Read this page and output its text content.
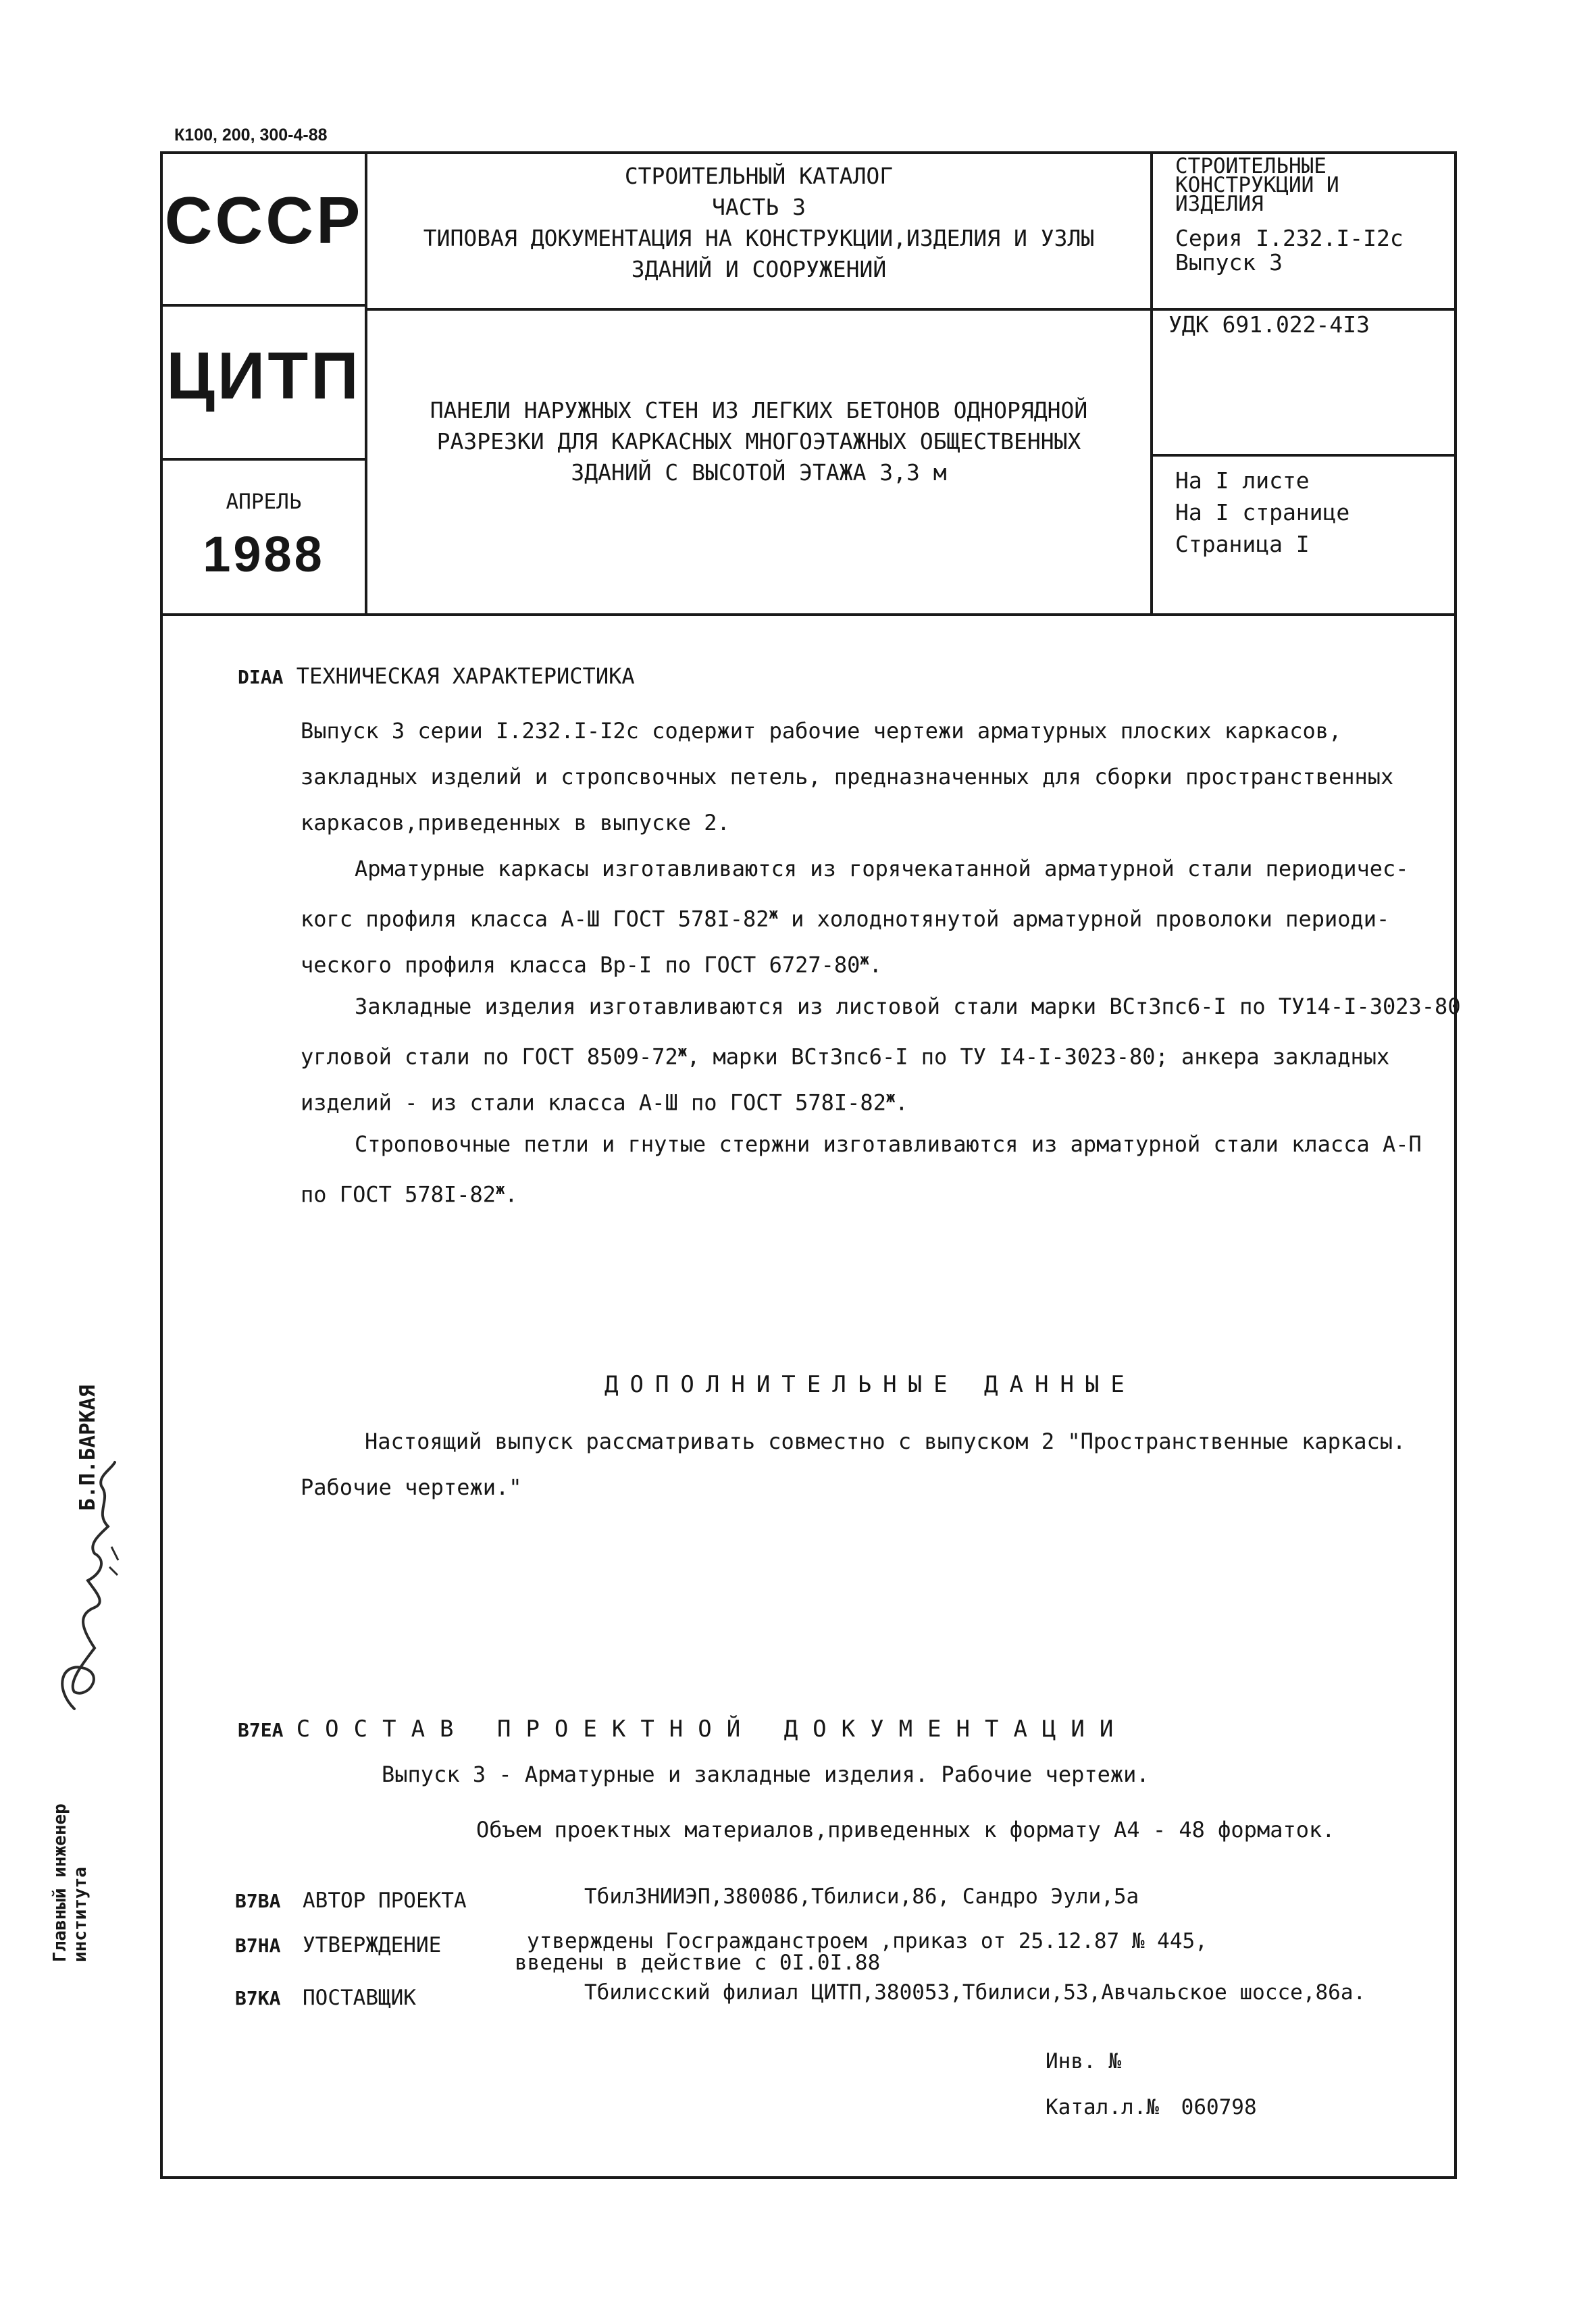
К100, 200, 300-4-88
СССР
ЦИТП
АПРЕЛЬ
1988
СТРОИТЕЛЬНЫЙ КАТАЛОГ
ЧАСТЬ 3
ТИПОВАЯ ДОКУМЕНТАЦИЯ НА КОНСТРУКЦИИ,ИЗДЕЛИЯ И УЗЛЫ
ЗДАНИЙ И СООРУЖЕНИЙ
ПАНЕЛИ НАРУЖНЫХ СТЕН ИЗ ЛЕГКИХ БЕТОНОВ ОДНОРЯДНОЙ
РАЗРЕЗКИ ДЛЯ КАРКАСНЫХ МНОГОЭТАЖНЫХ ОБЩЕСТВЕННЫХ
ЗДАНИЙ С ВЫСОТОЙ ЭТАЖА 3,3 м
СТРОИТЕЛЬНЫЕ
КОНСТРУКЦИИ И
ИЗДЕЛИЯ
Серия I.232.I-I2с
Выпуск 3
УДК 691.022-4I3
На I листе
На I странице
Страница I
DIАА ТЕХНИЧЕСКАЯ ХАРАКТЕРИСТИКА
Выпуск 3 серии I.232.I-I2с содержит рабочие чертежи арматурных плоских каркасов,
закладных изделий и стропсвочных петель, предназначенных для сборки пространственных
каркасов,приведенных в выпуске 2.
Арматурные каркасы изготавливаются из горячекатанной арматурной стали периодичес-
когс профиля класса А-Ш ГОСТ $578I-82^ж$ и холоднотянутой арматурной проволоки периоди-
ческого профиля класса Вр-I по ГОСТ $6727-80^ж$.
Закладные изделия изготавливаются из листовой стали марки ВСт3пс6-I по ТУ14-I-3023-80
угловой стали по ГОСТ $8509-72^ж$, марки ВСт3пс6-I по ТУ I4-I-3023-80; анкера закладных
изделий - из стали класса А-Ш по ГОСТ $578I-82^ж$.
Строповочные петли и гнутые стержни изготавливаются из арматурной стали класса А-П
по ГОСТ $578I-82^ж$.
ДОПОЛНИТЕЛЬНЫЕ ДАННЫЕ
Настоящий выпуск рассматривать совместно с выпуском 2 "Пространственные каркасы.
Рабочие чертежи."
В7ЕА СОСТАВ ПРОЕКТНОЙ ДОКУМЕНТАЦИИ
Выпуск 3 - Арматурные и закладные изделия. Рабочие чертежи.
Объем проектных материалов,приведенных к формату А4 - 48 форматок.
В7ВА АВТОР ПРОЕКТА	ТбилЗНИИЭП,380086,Тбилиси,86, Сандро Эули,5а
В7НА УТВЕРЖДЕНИЕ	утверждены Госгражданстроем ,приказ от 25.12.87 № 445,
введены в действие с 0I.0I.88
В7КА ПОСТАВЩИК	Тбилисский филиал ЦИТП,380053,Тбилиси,53,Авчальское шоссе,86а.
Инв. №
Катал.л.№ 060798
Б.П.БАРКАЯ
Главный инженер института
